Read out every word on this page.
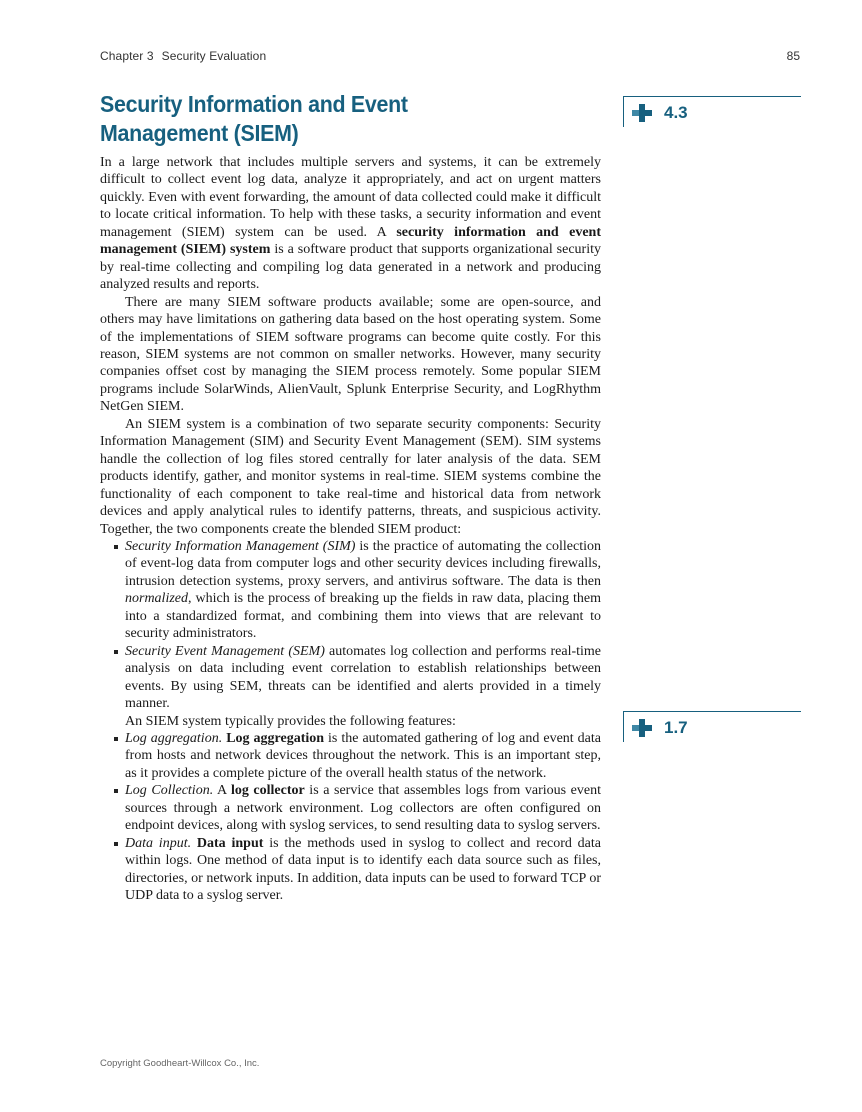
Chapter 3 Security Evaluation	85
Security Information and Event Management (SIEM)
4.3
1.7

In a large network that includes multiple servers and systems, it can be extremely difficult to collect event log data, analyze it appropriately, and act on urgent matters quickly. Even with event forwarding, the amount of data collected could make it difficult to locate critical information. To help with these tasks, a security information and event management (SIEM) system can be used. A security information and event management (SIEM) system is a software product that supports organizational security by real-time collecting and compiling log data generated in a network and producing analyzed results and reports.

There are many SIEM software products available; some are open-source, and others may have limitations on gathering data based on the host operating system. Some of the implementations of SIEM software programs can become quite costly. For this reason, SIEM systems are not common on smaller networks. However, many security companies offset cost by managing the SIEM process remotely. Some popular SIEM programs include SolarWinds, AlienVault, Splunk Enterprise Security, and LogRhythm NetGen SIEM.

An SIEM system is a combination of two separate security components: Security Information Management (SIM) and Security Event Management (SEM). SIM systems handle the collection of log files stored centrally for later analysis of the data. SEM products identify, gather, and monitor systems in real-time. SIEM systems combine the functionality of each component to take real-time and historical data from network devices and apply analytical rules to identify patterns, threats, and suspicious activity. Together, the two components create the blended SIEM product:

Security Information Management (SIM) is the practice of automating the collection of event-log data from computer logs and other security devices including firewalls, intrusion detection systems, proxy servers, and antivirus software. The data is then normalized, which is the process of breaking up the fields in raw data, placing them into a standardized format, and combining them into views that are relevant to security administrators.
Security Event Management (SEM) automates log collection and performs real-time analysis on data including event correlation to establish relationships between events. By using SEM, threats can be identified and alerts provided in a timely manner.

An SIEM system typically provides the following features:

Log aggregation. Log aggregation is the automated gathering of log and event data from hosts and network devices throughout the network. This is an important step, as it provides a complete picture of the overall health status of the network.
Log Collection. A log collector is a service that assembles logs from various event sources through a network environment. Log collectors are often configured on endpoint devices, along with syslog services, to send resulting data to syslog servers.
Data input. Data input is the methods used in syslog to collect and record data within logs. One method of data input is to identify each data source such as files, directories, or network inputs. In addition, data inputs can be used to forward TCP or UDP data to a syslog server.
Copyright Goodheart-Willcox Co., Inc.
